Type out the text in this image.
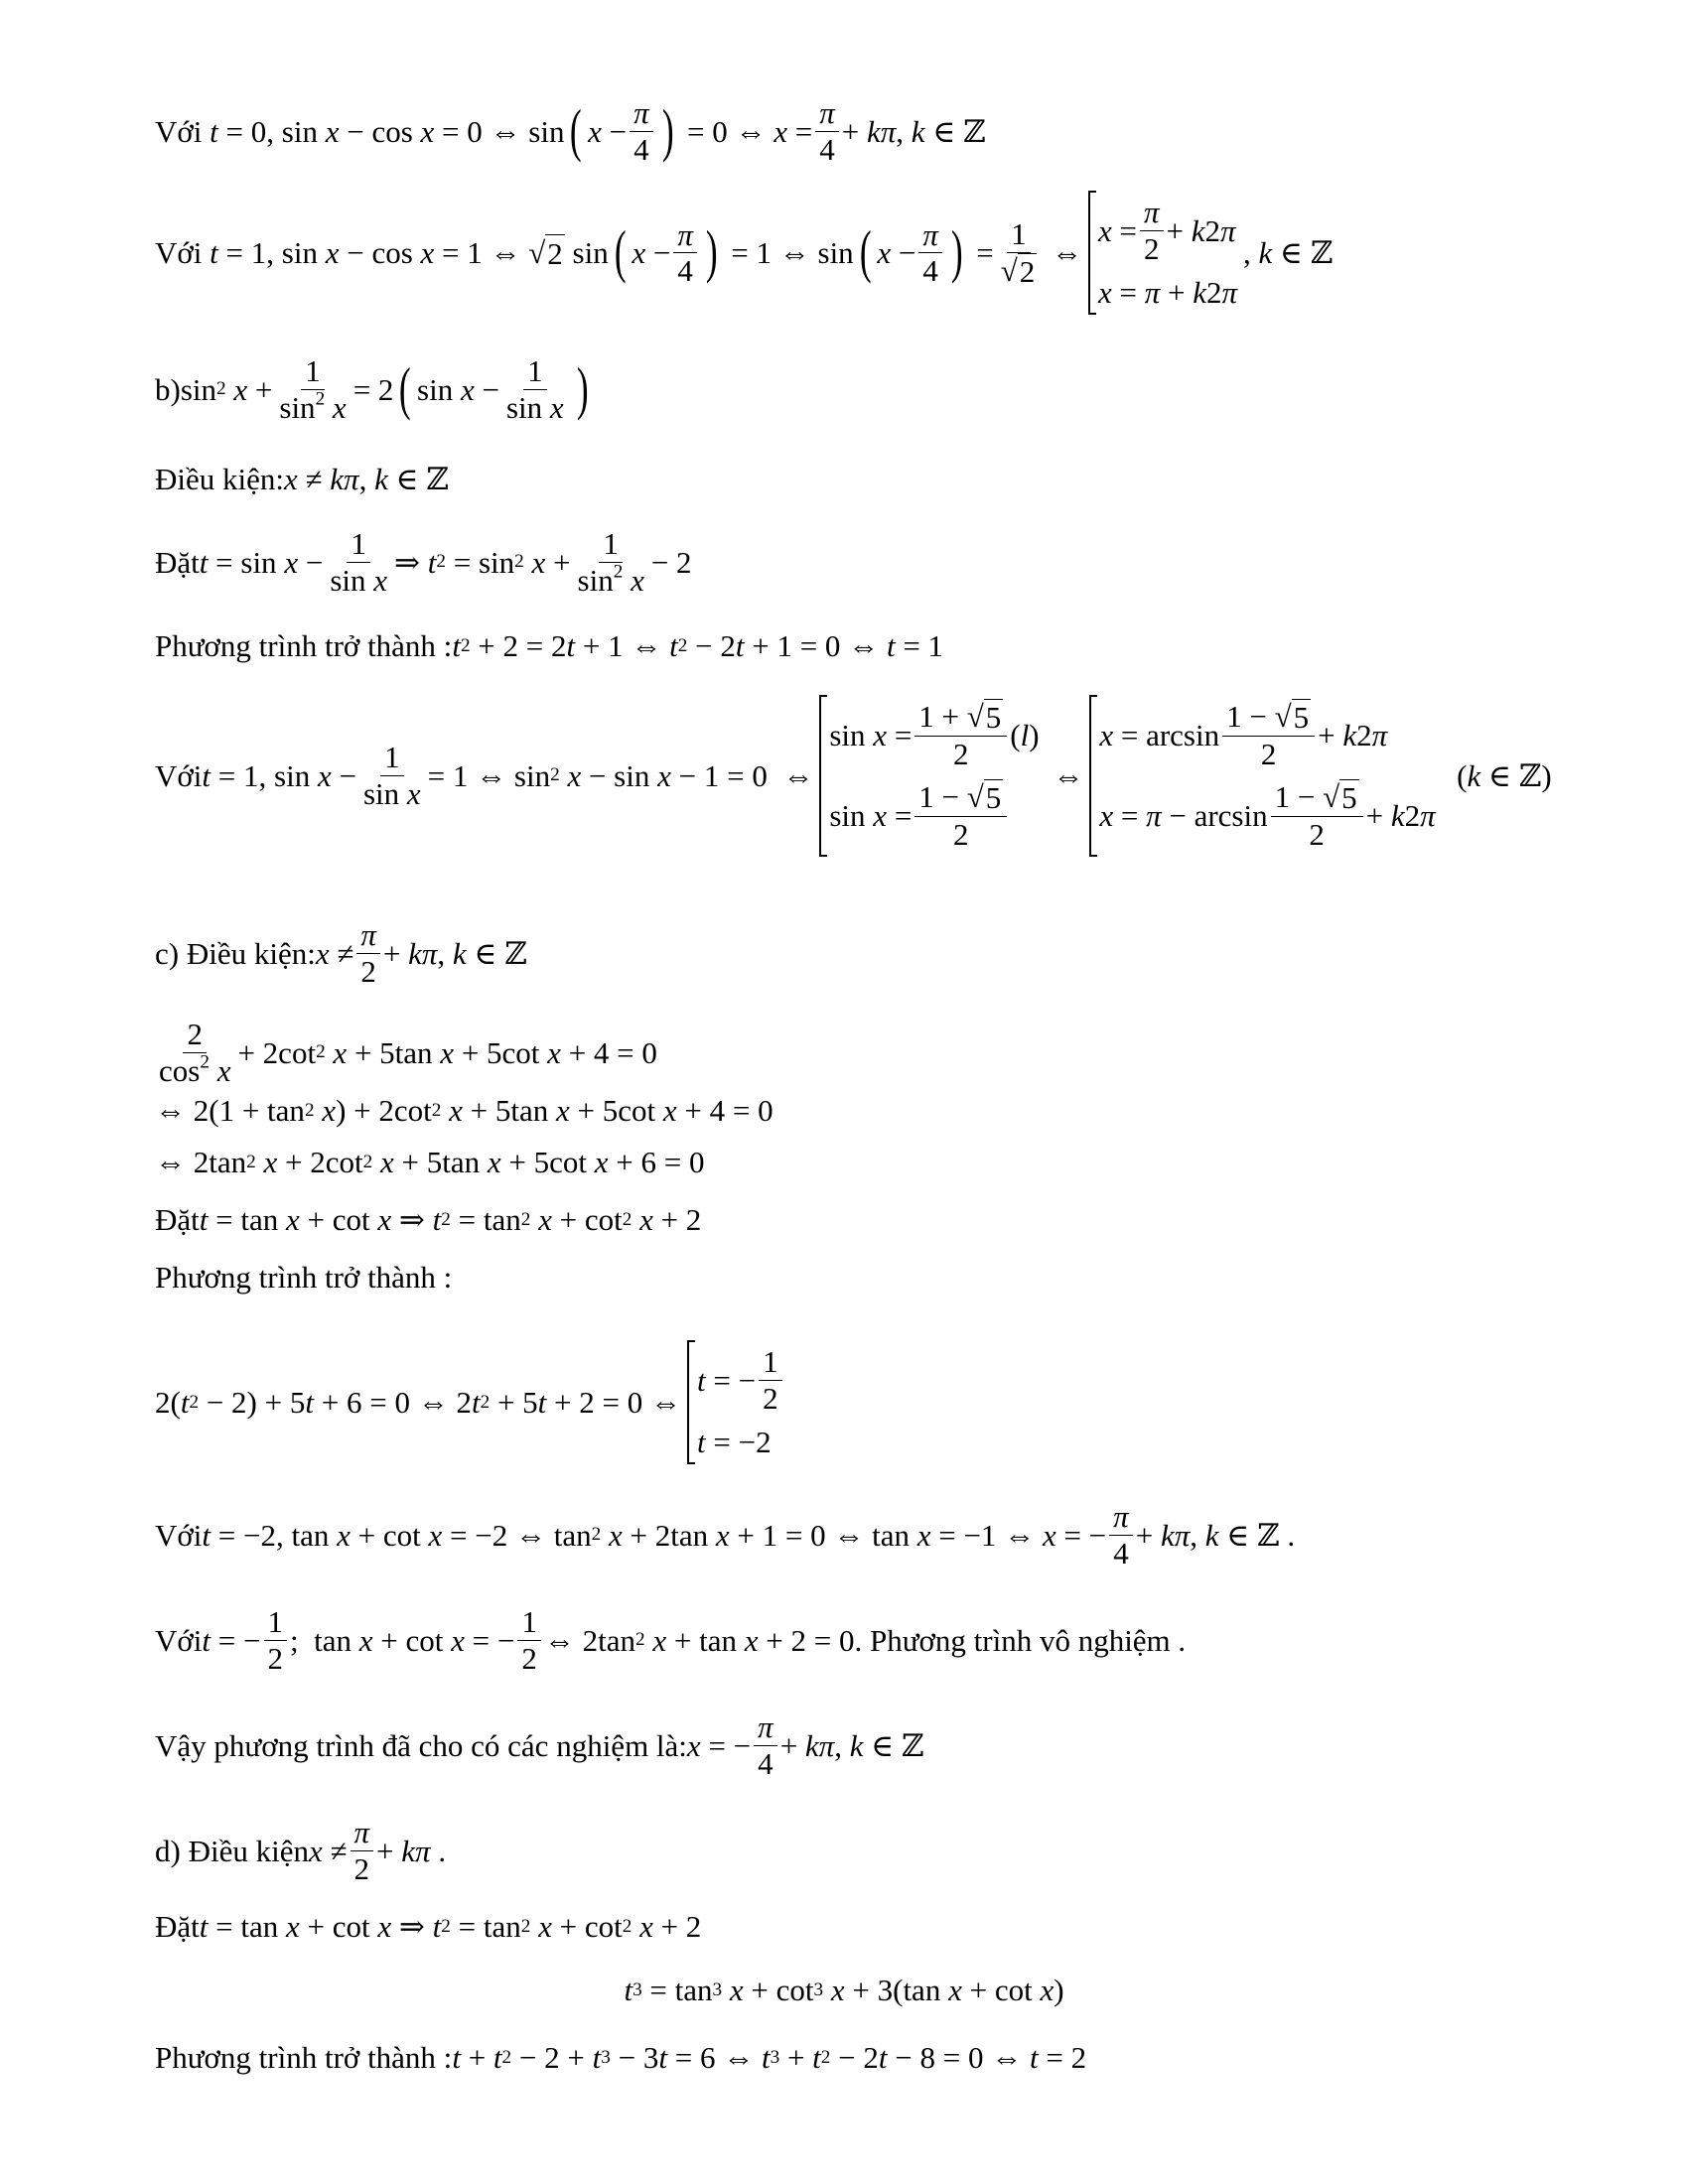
Với t = 0, sin x − cos x = 0 ⇔ sin ( $x - \frac{\pi}{4}$ ) = 0 ⇔ $x = \frac{\pi}{4} + k\pi$ , k ∈ ℤ
Với t = 1, sin x − cos x = 1 ⇔ √ 2 sin ( $x - \frac{\pi}{4}$ ) = 1 ⇔ sin ( $x - \frac{\pi}{4}$ ) = $\frac{1}{√ 2}$ ⇔
$x = \frac{\pi}{2} + k$ 2 π
x = π + k 2 π
, k ∈ ℤ
b) sin 2
$x + \frac{1}{\sin^2 x} = 2$ ( $\sin x - \frac{1}{\text{sin x}}$ )
Điều kiện: x ≠ kπ , k ∈ ℤ
Đặt $t = \sin x - \frac{1}{\text{sin x}}$ ⇒ t 2 = sin 2
$x + \frac{1}{\sin^2 x} - 2$
Phương trình trở thành : t 2 + 2 = 2 t + 1 ⇔ t 2 − 2 t + 1 = 0 ⇔ t = 1
Với t = 1, $\sin x - \frac{1}{\text{sin x}} = 1$ ⇔ sin 2
x − sin x − 1 = 0  ⇔
$\sin x = \frac{1 + √ 5}{2}$ ( l )
$\sin x = \frac{1 - √ 5}{2}$
⇔
$x = \arcsin \frac{1 - √ 5}{2} + k$ 2 π
$x = \pi - \arcsin \frac{1 - √ 5}{2} + k$ 2 π
( k ∈ ℤ)
c) Điều kiện: $x \ne \frac{\pi}{2} + k\pi$ , k ∈ ℤ
$\frac{2}{\cos^2 x} + 2\cot$ 2
x + 5tan x + 5cot x + 4 = 0
⇔ 2(1 + tan 2
x ) + 2cot 2
x + 5tan x + 5cot x + 4 = 0
⇔ 2tan 2
x + 2cot 2
x + 5tan x + 5cot x + 6 = 0
Đặt t = tan x + cot x ⇒ t 2 = tan 2
x + cot 2
x + 2
Phương trình trở thành :
2( t 2 − 2) + 5 t + 6 = 0 ⇔ 2 t 2 + 5 t + 2 = 0 ⇔
t = − $\frac{1}{2}$
t = −2
Với t = −2, tan x + cot x = −2 ⇔ tan 2
x + 2tan x + 1 = 0 ⇔ tan x = −1 ⇔ x = − $\frac{\pi}{4} + k\pi$ , k ∈ ℤ .
Với t = − $\frac{1}{2}$ ;  tan x + cot x = − $\frac{1}{2}$ ⇔ 2tan 2
x + tan x + 2 = 0 . Phương trình vô nghiệm .
Vậy phương trình đã cho có các nghiệm là: x = − $\frac{\pi}{4} + k\pi$ , k ∈ ℤ
d) Điều kiện $x \ne \frac{\pi}{2} + k\pi$ .
Đặt t = tan x + cot x ⇒ t 2 = tan 2
x + cot 2
x + 2
t 3 = tan 3
x + cot 3
x + 3(tan x + cot x )
Phương trình trở thành : t + t 2 − 2 + t 3 − 3 t = 6 ⇔ t 3 + t 2 − 2 t − 8 = 0 ⇔ t = 2
